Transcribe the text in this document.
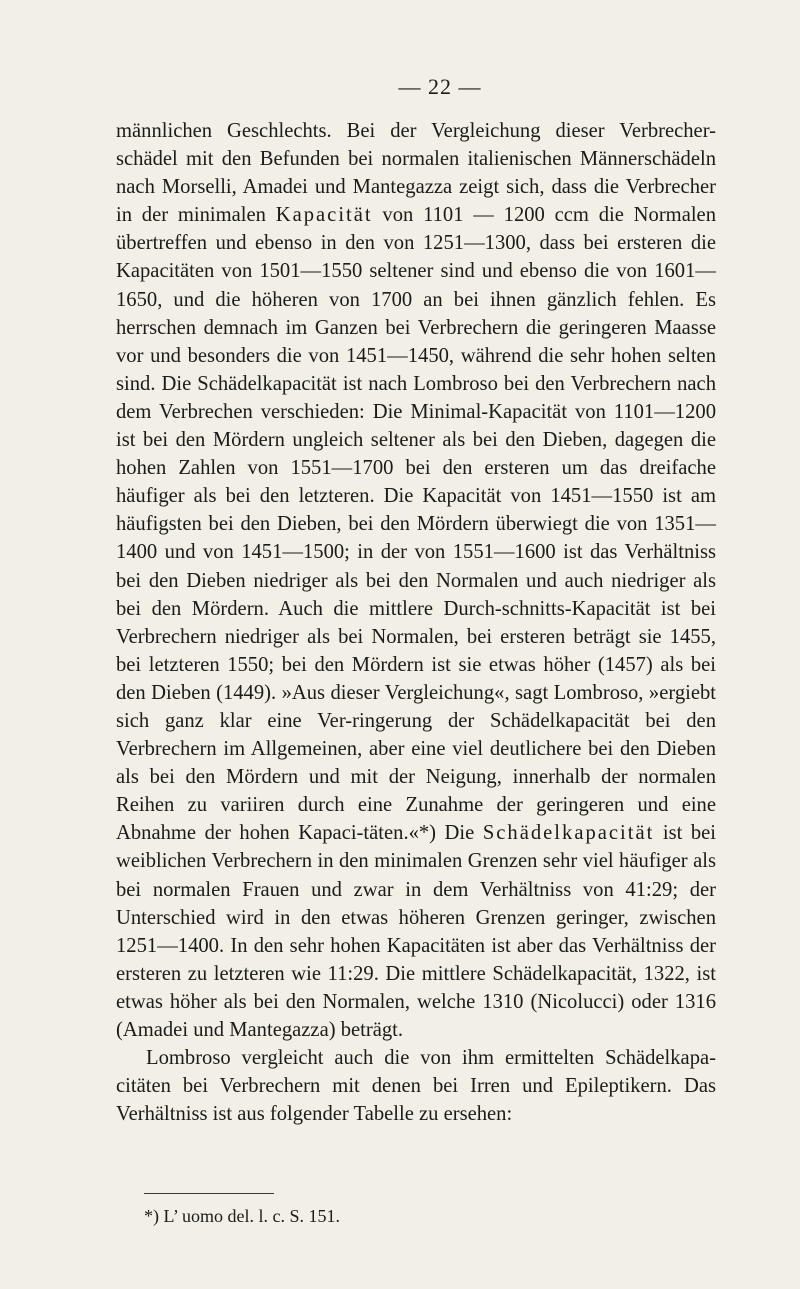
— 22 —

männlichen Geschlechts. Bei der Vergleichung dieser Verbrecher-schädel mit den Befunden bei normalen italienischen Männerschädeln nach Morselli, Amadei und Mantegazza zeigt sich, dass die Verbrecher in der minimalen Kapacität von 1101 — 1200 ccm die Normalen übertreffen und ebenso in den von 1251—1300, dass bei ersteren die Kapacitäten von 1501—1550 seltener sind und ebenso die von 1601—1650, und die höheren von 1700 an bei ihnen gänzlich fehlen. Es herrschen demnach im Ganzen bei Verbrechern die geringeren Maasse vor und besonders die von 1451—1450, während die sehr hohen selten sind. Die Schädelkapacität ist nach Lombroso bei den Verbrechern nach dem Verbrechen verschieden: Die Minimal-Kapacität von 1101—1200 ist bei den Mördern ungleich seltener als bei den Dieben, dagegen die hohen Zahlen von 1551—1700 bei den ersteren um das dreifache häufiger als bei den letzteren. Die Kapacität von 1451—1550 ist am häufigsten bei den Dieben, bei den Mördern überwiegt die von 1351—1400 und von 1451—1500; in der von 1551—1600 ist das Verhältniss bei den Dieben niedriger als bei den Normalen und auch niedriger als bei den Mördern. Auch die mittlere Durch-schnitts-Kapacität ist bei Verbrechern niedriger als bei Normalen, bei ersteren beträgt sie 1455, bei letzteren 1550; bei den Mördern ist sie etwas höher (1457) als bei den Dieben (1449). »Aus dieser Vergleichung«, sagt Lombroso, »ergiebt sich ganz klar eine Ver-ringerung der Schädelkapacität bei den Verbrechern im Allgemeinen, aber eine viel deutlichere bei den Dieben als bei den Mördern und mit der Neigung, innerhalb der normalen Reihen zu variiren durch eine Zunahme der geringeren und eine Abnahme der hohen Kapaci-täten.«*) Die Schädelkapacität ist bei weiblichen Verbrechern in den minimalen Grenzen sehr viel häufiger als bei normalen Frauen und zwar in dem Verhältniss von 41:29; der Unterschied wird in den etwas höheren Grenzen geringer, zwischen 1251—1400. In den sehr hohen Kapacitäten ist aber das Verhältniss der ersteren zu letzteren wie 11:29. Die mittlere Schädelkapacität, 1322, ist etwas höher als bei den Normalen, welche 1310 (Nicolucci) oder 1316 (Amadei und Mantegazza) beträgt.

Lombroso vergleicht auch die von ihm ermittelten Schädelkapa-citäten bei Verbrechern mit denen bei Irren und Epileptikern. Das Verhältniss ist aus folgender Tabelle zu ersehen:

*) L’ uomo del. l. c. S. 151.
